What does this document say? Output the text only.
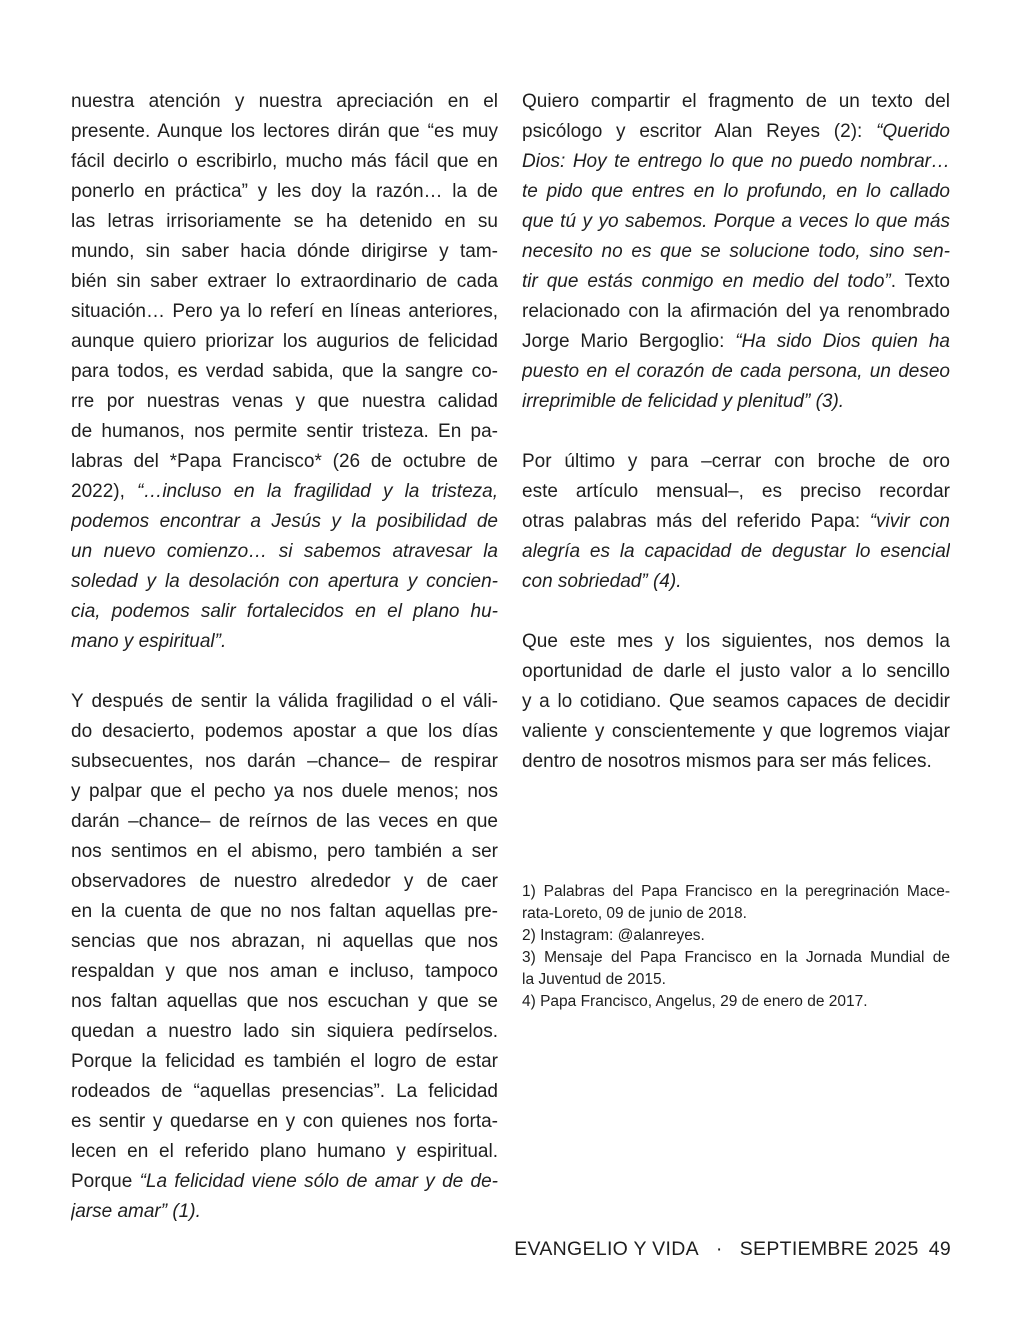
nuestra atención y nuestra apreciación en el
presente. Aunque los lectores dirán que “es muy
fácil decirlo o escribirlo, mucho más fácil que en
ponerlo en práctica” y les doy la razón… la de
las letras irrisoriamente se ha detenido en su
mundo, sin saber hacia dónde dirigirse y tam-
bién sin saber extraer lo extraordinario de cada
situación… Pero ya lo referí en líneas anteriores,
aunque quiero priorizar los augurios de felicidad
para todos, es verdad sabida, que la sangre co-
rre por nuestras venas y que nuestra calidad
de humanos, nos permite sentir tristeza. En pa-
labras del *Papa Francisco* (26 de octubre de
2022), “…incluso en la fragilidad y la tristeza,
podemos encontrar a Jesús y la posibilidad de
un nuevo comienzo… si sabemos atravesar la
soledad y la desolación con apertura y concien-
cia, podemos salir fortalecidos en el plano hu-
mano y espiritual”.
Y después de sentir la válida fragilidad o el váli-
do desacierto, podemos apostar a que los días
subsecuentes, nos darán –chance– de respirar
y palpar que el pecho ya nos duele menos; nos
darán –chance– de reírnos de las veces en que
nos sentimos en el abismo, pero también a ser
observadores de nuestro alrededor y de caer
en la cuenta de que no nos faltan aquellas pre-
sencias que nos abrazan, ni aquellas que nos
respaldan y que nos aman e incluso, tampoco
nos faltan aquellas que nos escuchan y que se
quedan a nuestro lado sin siquiera pedírselos.
Porque la felicidad es también el logro de estar
rodeados de “aquellas presencias”. La felicidad
es sentir y quedarse en y con quienes nos forta-
lecen en el referido plano humano y espiritual.
Porque “La felicidad viene sólo de amar y de de-
jarse amar” (1).
Quiero compartir el fragmento de un texto del
psicólogo y escritor Alan Reyes (2): “Querido
Dios: Hoy te entrego lo que no puedo nombrar…
te pido que entres en lo profundo, en lo callado
que tú y yo sabemos. Porque a veces lo que más
necesito no es que se solucione todo, sino sen-
tir que estás conmigo en medio del todo”. Texto
relacionado con la afirmación del ya renombrado
Jorge Mario Bergoglio: “Ha sido Dios quien ha
puesto en el corazón de cada persona, un deseo
irreprimible de felicidad y plenitud” (3).
Por último y para –cerrar con broche de oro
este artículo mensual–, es preciso recordar
otras palabras más del referido Papa: “vivir con
alegría es la capacidad de degustar lo esencial
con sobriedad” (4).
Que este mes y los siguientes, nos demos la
oportunidad de darle el justo valor a lo sencillo
y a lo cotidiano. Que seamos capaces de decidir
valiente y conscientemente y que logremos viajar
dentro de nosotros mismos para ser más felices.
1) Palabras del Papa Francisco en la peregrinación Mace-
rata-Loreto, 09 de junio de 2018.
2) Instagram: @alanreyes.
3) Mensaje del Papa Francisco en la Jornada Mundial de
la Juventud de 2015.
4) Papa Francisco, Angelus, 29 de enero de 2017.
EVANGELIO Y VIDA · SEPTIEMBRE 2025 49
